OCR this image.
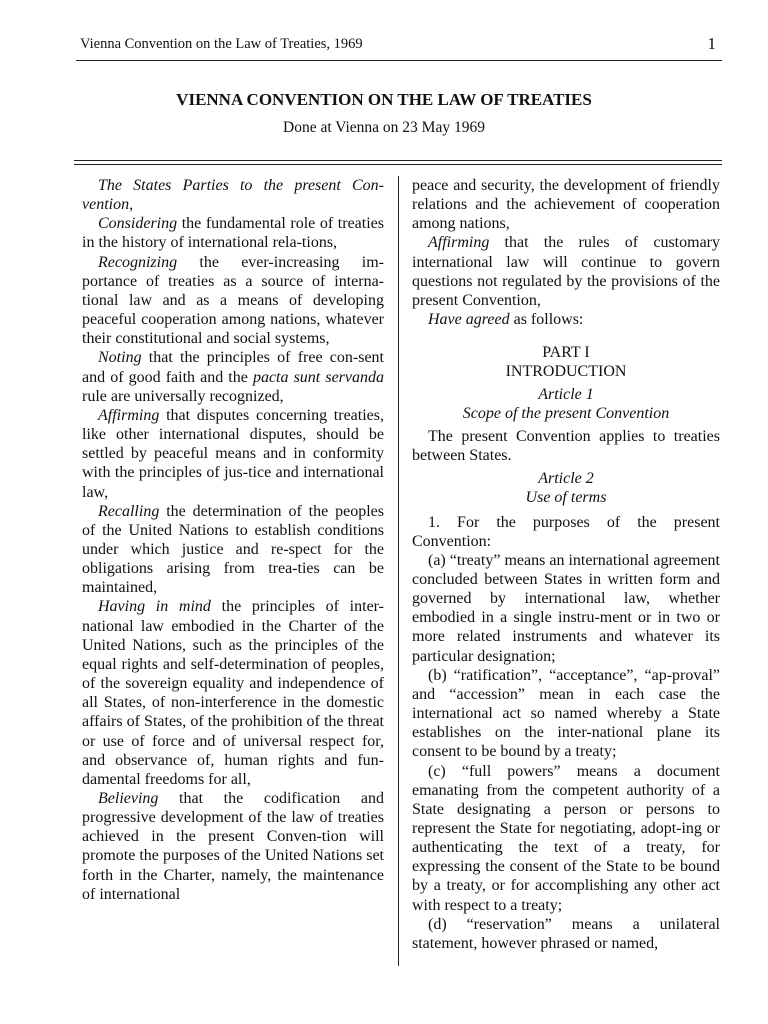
Vienna Convention on the Law of Treaties, 1969	1
VIENNA CONVENTION ON THE LAW OF TREATIES
Done at Vienna on 23 May 1969

The States Parties to the present Con-vention,

Considering the fundamental role of treaties in the history of international rela-tions,

Recognizing the ever-increasing im-portance of treaties as a source of interna-tional law and as a means of developing peaceful cooperation among nations, whatever their constitutional and social systems,

Noting that the principles of free con-sent and of good faith and the pacta sunt servanda rule are universally recognized,

Affirming that disputes concerning treaties, like other international disputes, should be settled by peaceful means and in conformity with the principles of jus-tice and international law,

Recalling the determination of the peoples of the United Nations to establish conditions under which justice and re-spect for the obligations arising from trea-ties can be maintained,

Having in mind the principles of inter-national law embodied in the Charter of the United Nations, such as the principles of the equal rights and self-determination of peoples, of the sovereign equality and independence of all States, of non-interference in the domestic affairs of States, of the prohibition of the threat or use of force and of universal respect for, and observance of, human rights and fun-damental freedoms for all,

Believing that the codification and progressive development of the law of treaties achieved in the present Conven-tion will promote the purposes of the United Nations set forth in the Charter, namely, the maintenance of international

peace and security, the development of friendly relations and the achievement of cooperation among nations,

Affirming that the rules of customary international law will continue to govern questions not regulated by the provisions of the present Convention,

Have agreed as follows:

PART I

INTRODUCTION

Article 1

Scope of the present Convention

The present Convention applies to treaties between States.

Article 2

Use of terms

1. For the purposes of the present Convention:

(a) “treaty” means an international agreement concluded between States in written form and governed by international law, whether embodied in a single instru-ment or in two or more related instruments and whatever its particular designation;

(b) “ratification”, “acceptance”, “ap-proval” and “accession” mean in each case the international act so named whereby a State establishes on the inter-national plane its consent to be bound by a treaty;

(c) “full powers” means a document emanating from the competent authority of a State designating a person or persons to represent the State for negotiating, adopt-ing or authenticating the text of a treaty, for expressing the consent of the State to be bound by a treaty, or for accomplishing any other act with respect to a treaty;

(d) “reservation” means a unilateral statement, however phrased or named,
